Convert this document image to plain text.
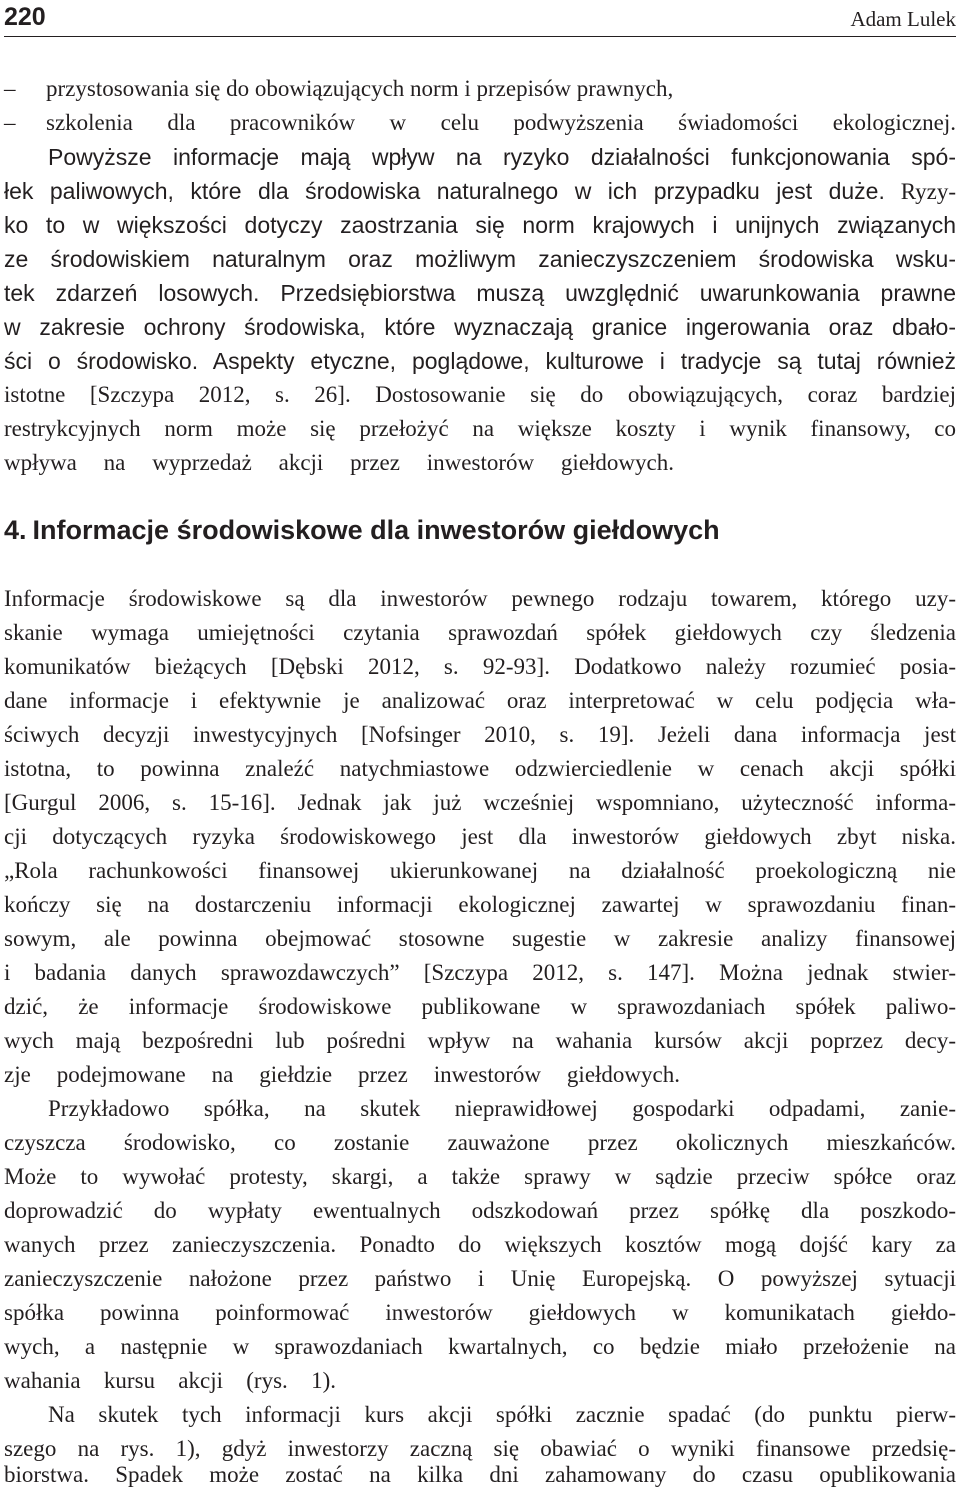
220	Adam Lulek
– przystosowania się do obowiązujących norm i przepisów prawnych,
– szkolenia dla pracowników w celu podwyższenia świadomości ekologicznej.
Powyższe informacje mają wpływ na ryzyko działalności funkcjonowania spó-
łek paliwowych, które dla środowiska naturalnego w ich przypadku jest duże. Ryzy-
ko to w większości dotyczy zaostrzania się norm krajowych i unijnych związanych
ze środowiskiem naturalnym oraz możliwym zanieczyszczeniem środowiska wsku-
tek zdarzeń losowych. Przedsiębiorstwa muszą uwzględnić uwarunkowania prawne
w zakresie ochrony środowiska, które wyznaczają granice ingerowania oraz dbało-
ści o środowisko. Aspekty etyczne, poglądowe, kulturowe i tradycje są tutaj również
istotne [Szczypa 2012, s. 26]. Dostosowanie się do obowiązujących, coraz bardziej
restrykcyjnych norm może się przełożyć na większe koszty i wynik finansowy, co
wpływa na wyprzedaż akcji przez inwestorów giełdowych.
4. Informacje środowiskowe dla inwestorów giełdowych
Informacje środowiskowe są dla inwestorów pewnego rodzaju towarem, którego uzy-
skanie wymaga umiejętności czytania sprawozdań spółek giełdowych czy śledzenia
komunikatów bieżących [Dębski 2012, s. 92-93]. Dodatkowo należy rozumieć posia-
dane informacje i efektywnie je analizować oraz interpretować w celu podjęcia wła-
ściwych decyzji inwestycyjnych [Nofsinger 2010, s. 19]. Jeżeli dana informacja jest
istotna, to powinna znaleźć natychmiastowe odzwierciedlenie w cenach akcji spółki
[Gurgul 2006, s. 15-16]. Jednak jak już wcześniej wspomniano, użyteczność informa-
cji dotyczących ryzyka środowiskowego jest dla inwestorów giełdowych zbyt niska.
„Rola rachunkowości finansowej ukierunkowanej na działalność proekologiczną nie
kończy się na dostarczeniu informacji ekologicznej zawartej w sprawozdaniu finan-
sowym, ale powinna obejmować stosowne sugestie w zakresie analizy finansowej
i badania danych sprawozdawczych” [Szczypa 2012, s. 147]. Można jednak stwier-
dzić, że informacje środowiskowe publikowane w sprawozdaniach spółek paliwo-
wych mają bezpośredni lub pośredni wpływ na wahania kursów akcji poprzez decy-
zje podejmowane na giełdzie przez inwestorów giełdowych.
Przykładowo spółka, na skutek nieprawidłowej gospodarki odpadami, zanie-
czyszcza środowisko, co zostanie zauważone przez okolicznych mieszkańców.
Może to wywołać protesty, skargi, a także sprawy w sądzie przeciw spółce oraz
doprowadzić do wypłaty ewentualnych odszkodowań przez spółkę dla poszkodo-
wanych przez zanieczyszczenia. Ponadto do większych kosztów mogą dojść kary za
zanieczyszczenie nałożone przez państwo i Unię Europejską. O powyższej sytuacji
spółka powinna poinformować inwestorów giełdowych w komunikatach giełdo-
wych, a następnie w sprawozdaniach kwartalnych, co będzie miało przełożenie na
wahania kursu akcji (rys. 1).
Na skutek tych informacji kurs akcji spółki zacznie spadać (do punktu pierw-
szego na rys. 1), gdyż inwestorzy zaczną się obawiać o wyniki finansowe przedsię-
biorstwa. Spadek może zostać na kilka dni zahamowany do czasu opublikowania
